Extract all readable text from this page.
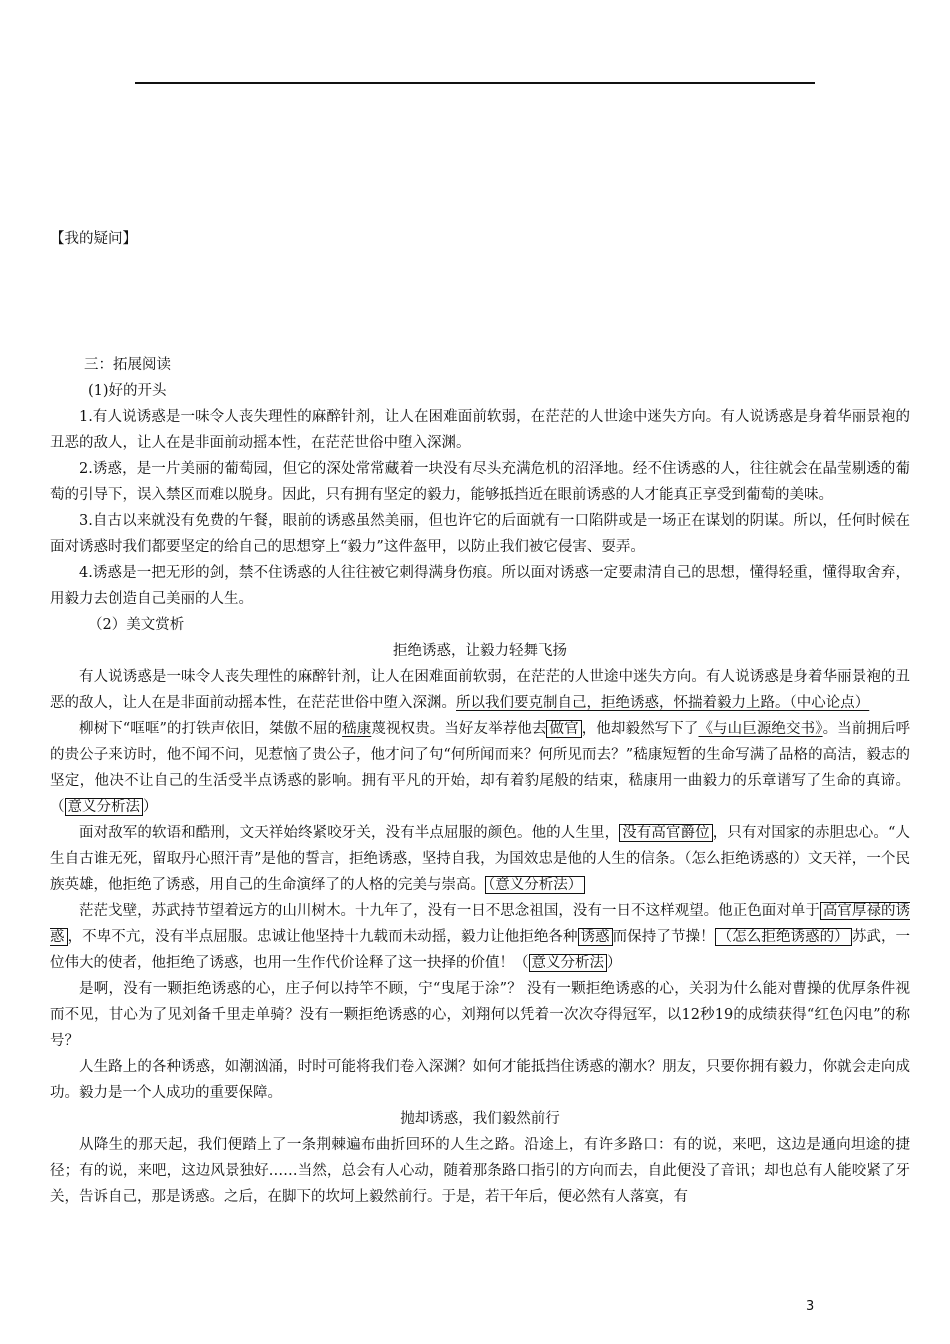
【我的疑问】

三：拓展阅读

(1)好的开头

1.有人说诱惑是一味令人丧失理性的麻醉针剂，让人在困难面前软弱，在茫茫的人世途中迷失方向。有人说诱惑是身着华丽景袍的丑恶的敌人，让人在是非面前动摇本性，在茫茫世俗中堕入深渊。

2.诱惑，是一片美丽的葡萄园，但它的深处常常藏着一块没有尽头充满危机的沼泽地。经不住诱惑的人，往往就会在晶莹剔透的葡萄的引导下，误入禁区而难以脱身。因此，只有拥有坚定的毅力，能够抵挡近在眼前诱惑的人才能真正享受到葡萄的美味。

3.自古以来就没有免费的午餐，眼前的诱惑虽然美丽，但也许它的后面就有一口陷阱或是一场正在谋划的阴谋。所以，任何时候在面对诱惑时我们都要坚定的给自己的思想穿上“毅力”这件盔甲，以防止我们被它侵害、耍弄。

4.诱惑是一把无形的剑，禁不住诱惑的人往往被它刺得满身伤痕。所以面对诱惑一定要肃清自己的思想，懂得轻重，懂得取舍弃，用毅力去创造自己美丽的人生。

（2）美文赏析

拒绝诱惑，让毅力轻舞飞扬

有人说诱惑是一味令人丧失理性的麻醉针剂，让人在困难面前软弱，在茫茫的人世途中迷失方向。有人说诱惑是身着华丽景袍的丑恶的敌人，让人在是非面前动摇本性，在茫茫世俗中堕入深渊。所以我们要克制自己，拒绝诱惑，怀揣着毅力上路。（中心论点）

柳树下“哐哐”的打铁声依旧，桀傲不屈的嵇康蔑视权贵。当好友举荐他去 做官 ，他却毅然写下了《与山巨源绝交书》。当前拥后呼的贵公子来访时，他不闻不问，见惹恼了贵公子，他才问了句“何所闻而来？何所见而去？”嵇康短暂的生命写满了品格的高洁，毅志的坚定，他决不让自己的生活受半点诱惑的影响。拥有平凡的开始，却有着豹尾般的结束，嵇康用一曲毅力的乐章谱写了生命的真谛。（ 意义分析法 ）

面对敌军的软语和酷刑，文天祥始终紧咬牙关，没有半点屈服的颜色。他的人生里， 没有高官爵位 ，只有对国家的赤胆忠心。“人生自古谁无死，留取丹心照汗青”是他的誓言，拒绝诱惑，坚持自我，为国效忠是他的人生的信条。（怎么拒绝诱惑的）文天祥，一个民族英雄，他拒绝了诱惑，用自己的生命演绎了的人格的完美与崇高。 （意义分析法）

茫茫戈壁，苏武持节望着远方的山川树木。十九年了，没有一日不思念祖国，没有一日不这样观望。他正色面对单于 高官厚禄的诱惑 ，不卑不亢，没有半点屈服。忠诚让他坚持十九载而未动摇，毅力让他拒绝各种 诱惑 而保持了节操！ （怎么拒绝诱惑的） 苏武，一位伟大的使者，他拒绝了诱惑，也用一生作代价诠释了这一抉择的价值！（ 意义分析法 ）

是啊，没有一颗拒绝诱惑的心，庄子何以持竿不顾，宁“曳尾于涂”？ 没有一颗拒绝诱惑的心，关羽为什么能对曹操的优厚条件视而不见，甘心为了见刘备千里走单骑？没有一颗拒绝诱惑的心，刘翔何以凭着一次次夺得冠军，以12秒19的成绩获得“红色闪电”的称号？

人生路上的各种诱惑，如潮汹涌，时时可能将我们卷入深渊？如何才能抵挡住诱惑的潮水？朋友，只要你拥有毅力，你就会走向成功。毅力是一个人成功的重要保障。

抛却诱惑，我们毅然前行

从降生的那天起，我们便踏上了一条荆棘遍布曲折回环的人生之路。沿途上，有许多路口：有的说，来吧，这边是通向坦途的捷径；有的说，来吧，这边风景独好……当然，总会有人心动，随着那条路口指引的方向而去，自此便没了音讯；却也总有人能咬紧了牙关，告诉自己，那是诱惑。之后，在脚下的坎坷上毅然前行。于是，若干年后，便必然有人落寞，有

3
